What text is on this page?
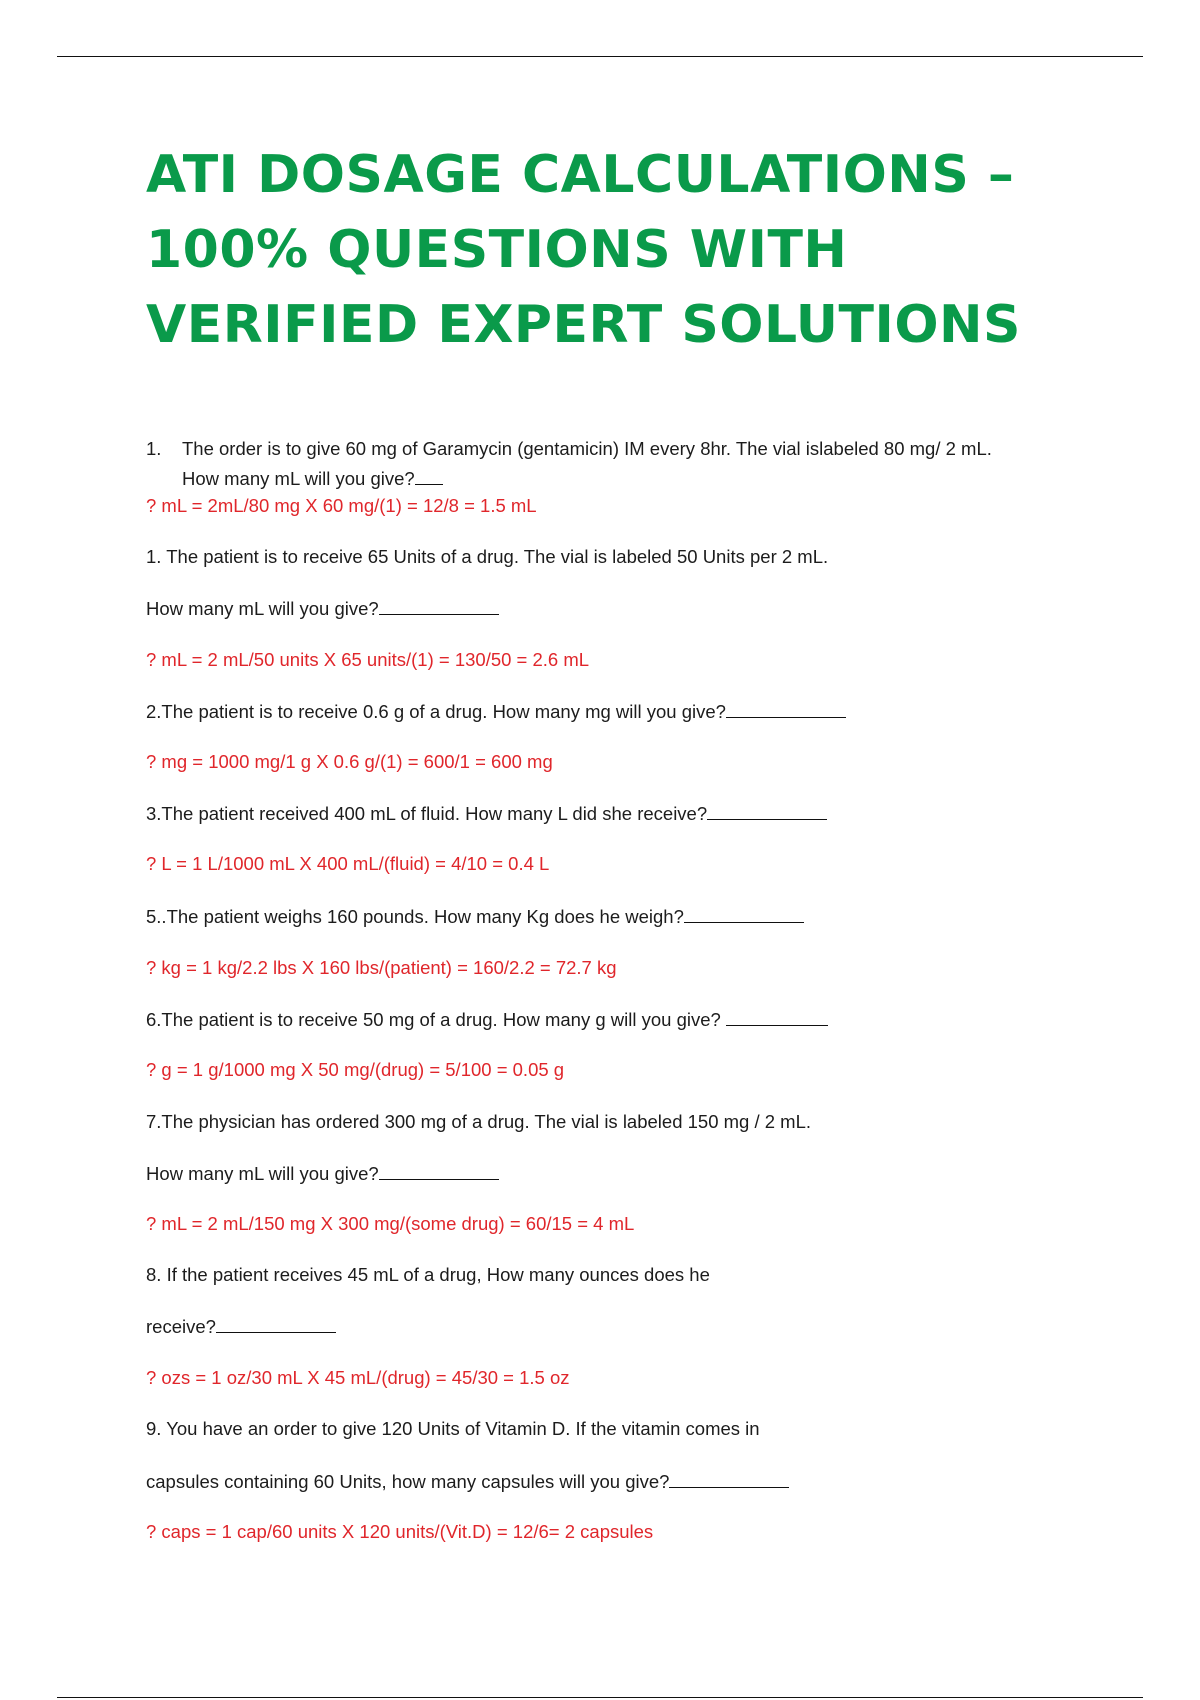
ATI DOSAGE CALCULATIONS –
100% QUESTIONS WITH
VERIFIED EXPERT SOLUTIONS
1. The order is to give 60 mg of Garamycin (gentamicin) IM every 8hr. The vial islabeled 80 mg/ 2 mL.
How many mL will you give?
? mL = 2mL/80 mg X 60 mg/(1) = 12/8 = 1.5 mL
1. The patient is to receive 65 Units of a drug. The vial is labeled 50 Units per 2 mL.
How many mL will you give?
? mL = 2 mL/50 units X 65 units/(1) = 130/50 = 2.6 mL
2.The patient is to receive 0.6 g of a drug. How many mg will you give?
? mg = 1000 mg/1 g X 0.6 g/(1) = 600/1 = 600 mg
3.The patient received 400 mL of fluid. How many L did she receive?
? L = 1 L/1000 mL X 400 mL/(fluid) = 4/10 = 0.4 L
5..The patient weighs 160 pounds. How many Kg does he weigh?
? kg = 1 kg/2.2 lbs X 160 lbs/(patient) = 160/2.2 = 72.7 kg
6.The patient is to receive 50 mg of a drug. How many g will you give?
? g = 1 g/1000 mg X 50 mg/(drug) = 5/100 = 0.05 g
7.The physician has ordered 300 mg of a drug. The vial is labeled 150 mg / 2 mL.
How many mL will you give?
? mL = 2 mL/150 mg X 300 mg/(some drug) = 60/15 = 4 mL
8. If the patient receives 45 mL of a drug, How many ounces does he
receive?
? ozs = 1 oz/30 mL X 45 mL/(drug) = 45/30 = 1.5 oz
9. You have an order to give 120 Units of Vitamin D. If the vitamin comes in
capsules containing 60 Units, how many capsules will you give?
? caps = 1 cap/60 units X 120 units/(Vit.D) = 12/6= 2 capsules
